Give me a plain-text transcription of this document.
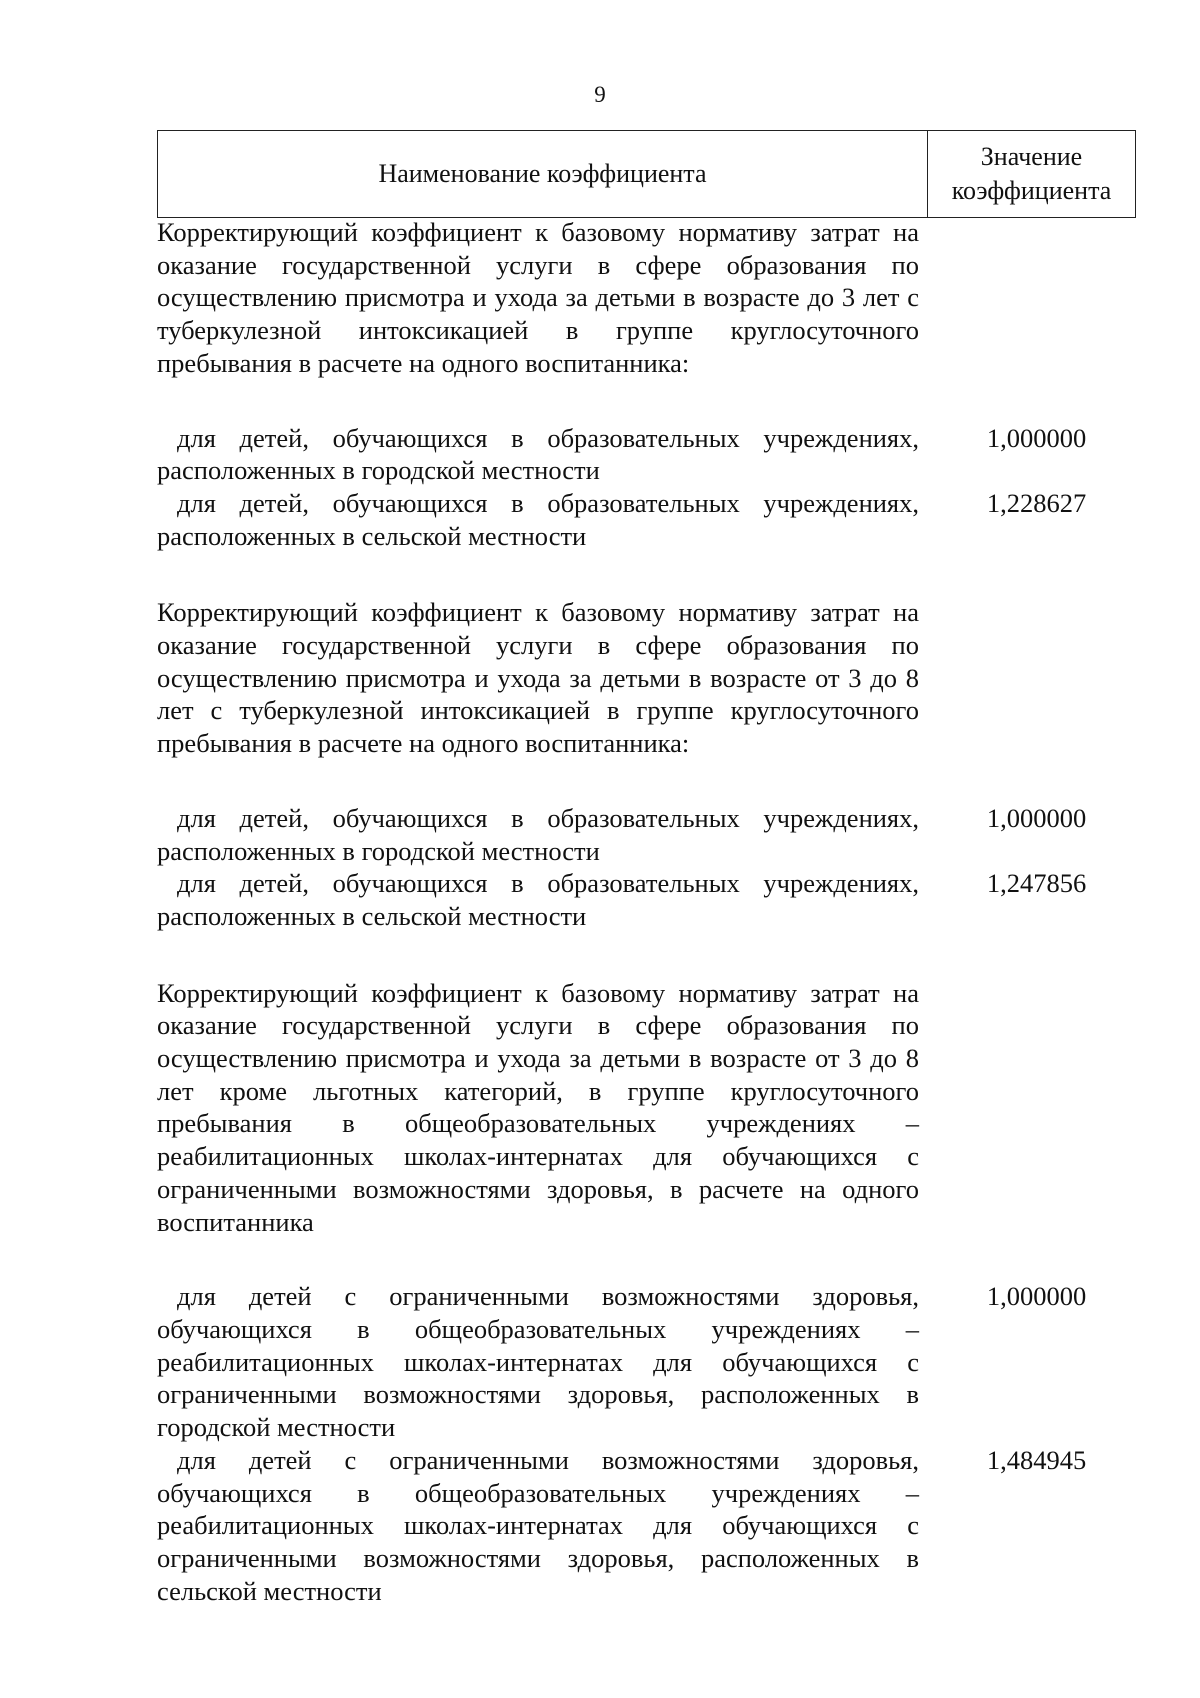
9
Наименование коэффициента
Значение коэффициента
Корректирующий коэффициент к базовому нормативу затрат на оказание государственной услуги в сфере образования по осуществлению присмотра и ухода за детьми в возрасте до 3 лет с туберкулезной интоксикацией в группе круглосуточного пребывания в расчете на одного воспитанника:
для детей, обучающихся в образовательных учреждениях, расположенных в городской местности
1,000000
для детей, обучающихся в образовательных учреждениях, расположенных в сельской местности
1,228627
Корректирующий коэффициент к базовому нормативу затрат на оказание государственной услуги в сфере образования по осуществлению присмотра и ухода за детьми в возрасте от 3 до 8 лет с туберкулезной интоксикацией в группе круглосуточного пребывания в расчете на одного воспитанника:
для детей, обучающихся в образовательных учреждениях, расположенных в городской местности
1,000000
для детей, обучающихся в образовательных учреждениях, расположенных в сельской местности
1,247856
Корректирующий коэффициент к базовому нормативу затрат на оказание государственной услуги в сфере образования по осуществлению присмотра и ухода за детьми в возрасте от 3 до 8 лет кроме льготных категорий, в группе круглосуточного пребывания в общеобразовательных учреждениях – реабилитационных школах-интернатах для обучающихся с ограниченными возможностями здоровья, в расчете на одного воспитанника
для детей с ограниченными возможностями здоровья, обучающихся в общеобразовательных учреждениях – реабилитационных школах-интернатах для обучающихся с ограниченными возможностями здоровья, расположенных в городской местности
1,000000
для детей с ограниченными возможностями здоровья, обучающихся в общеобразовательных учреждениях – реабилитационных школах-интернатах для обучающихся с ограниченными возможностями здоровья, расположенных в сельской местности
1,484945
